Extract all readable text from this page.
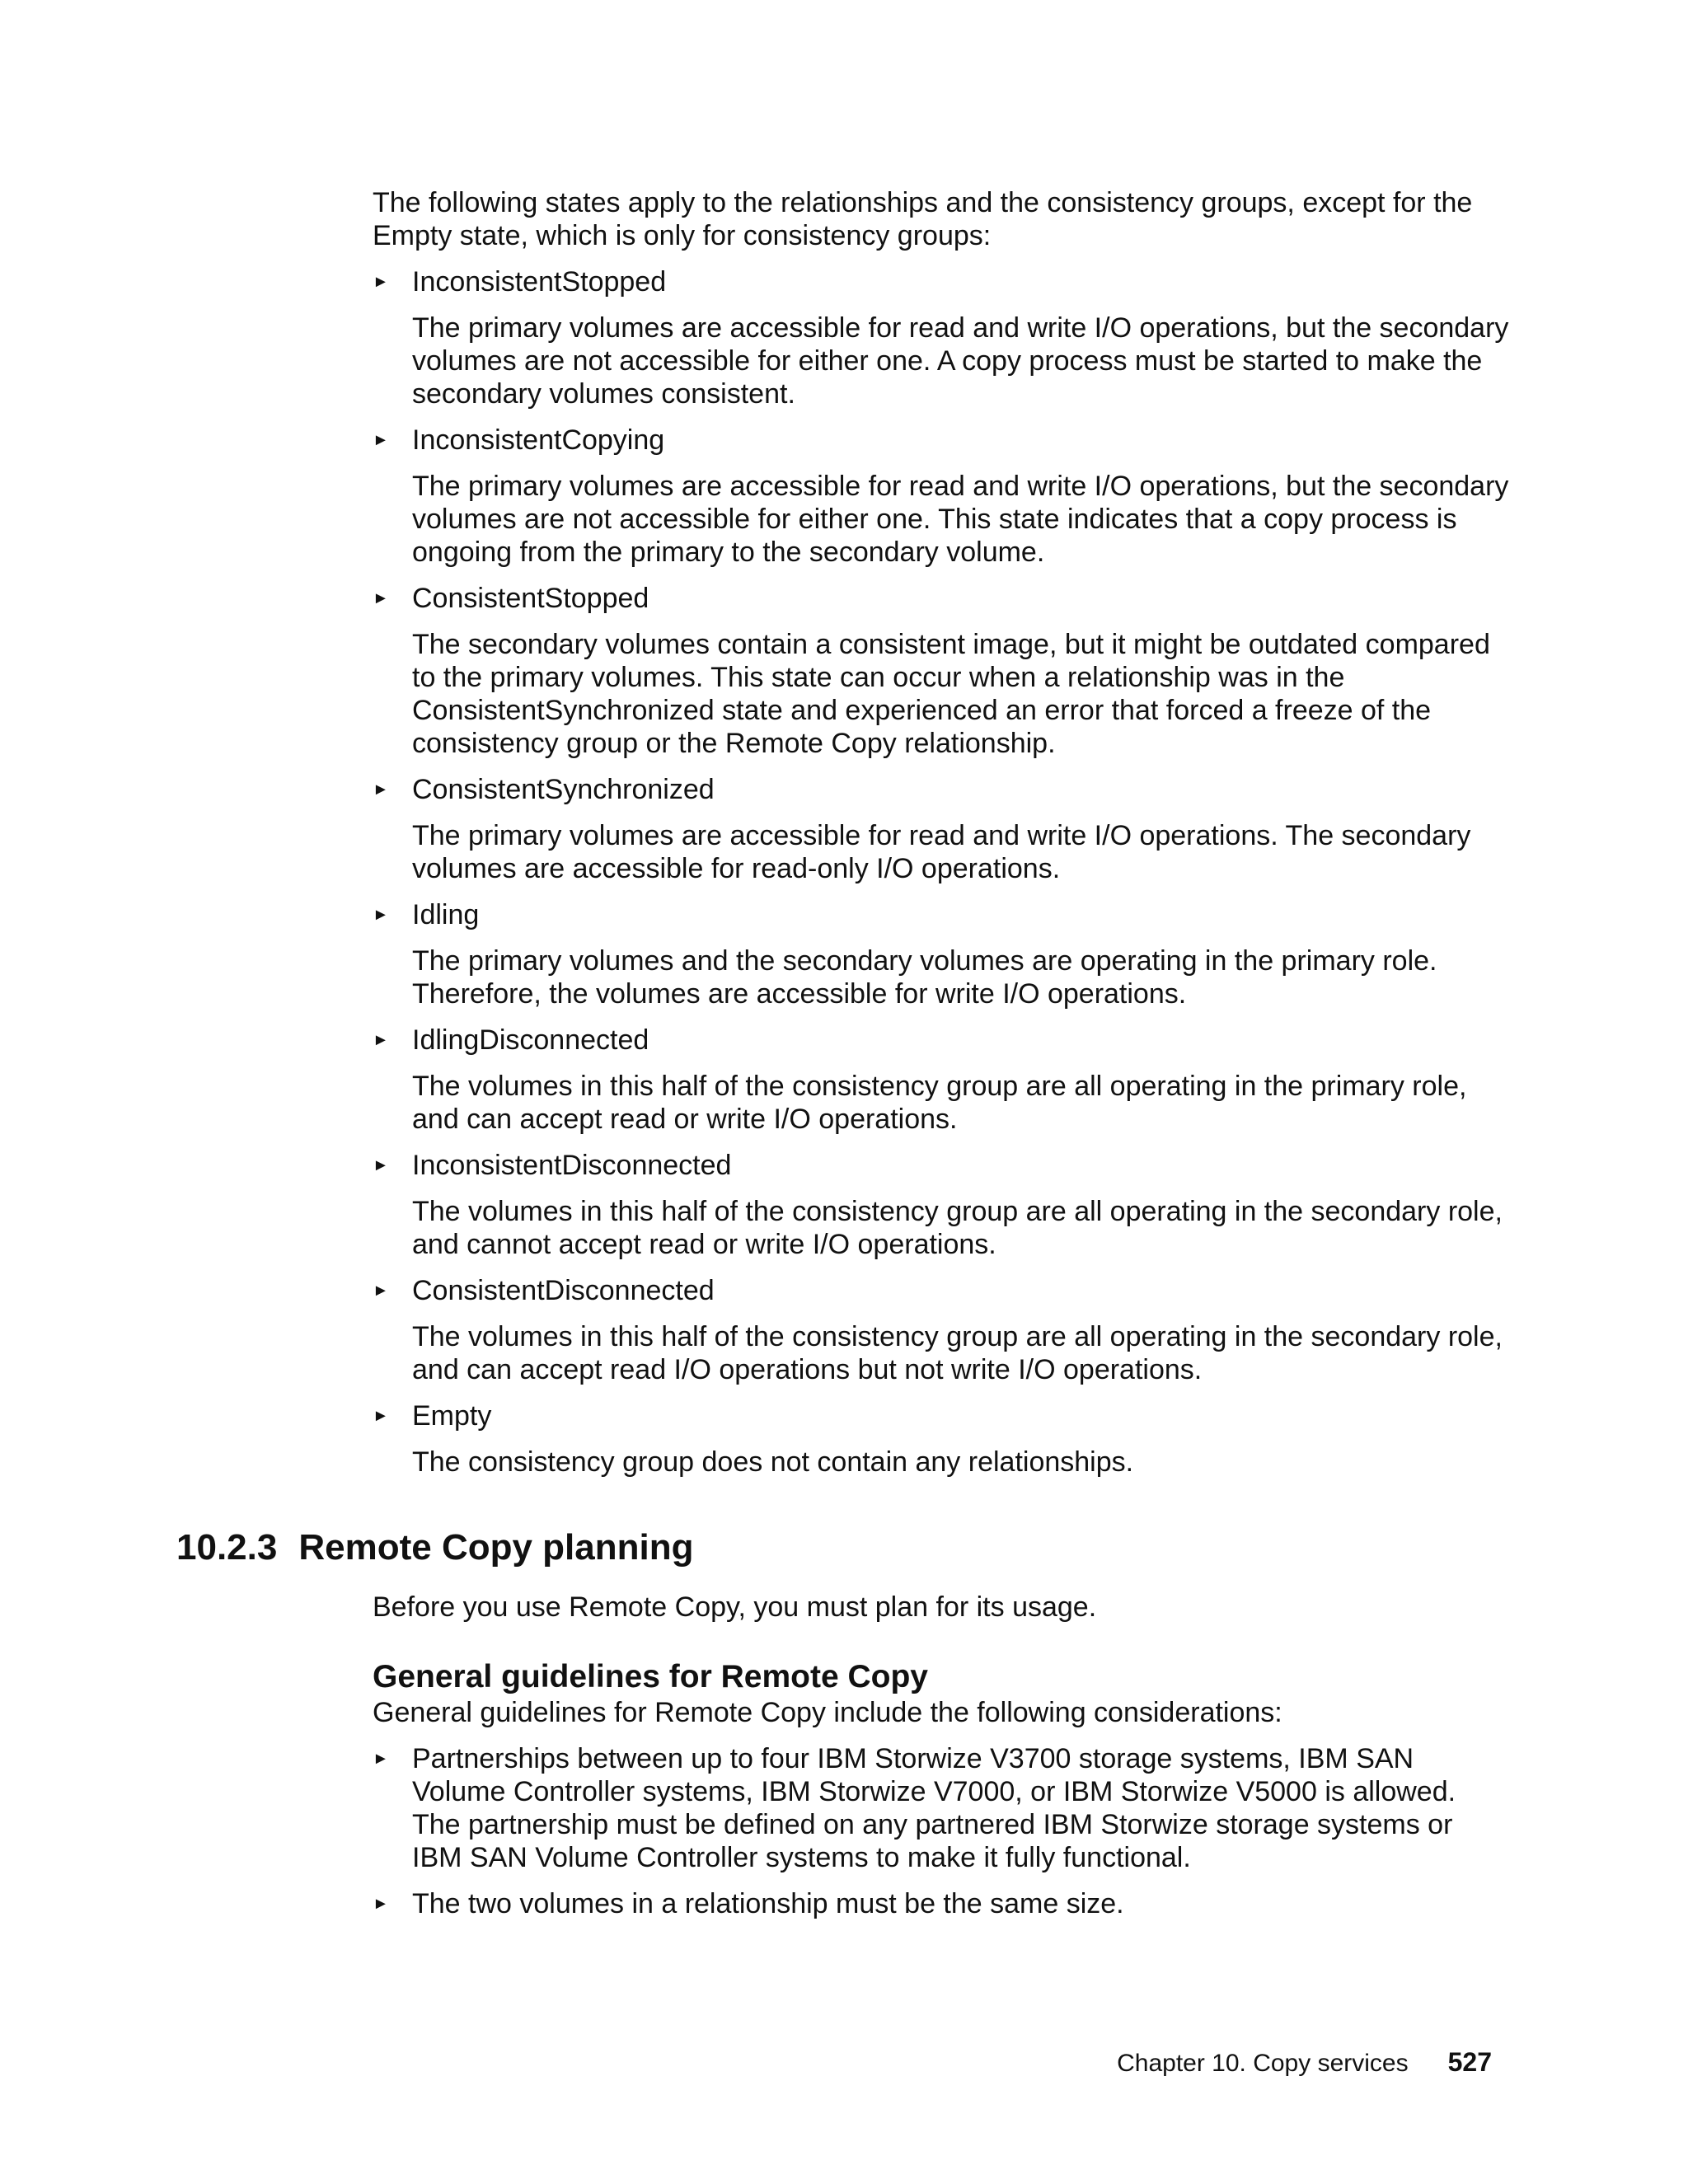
The following states apply to the relationships and the consistency groups, except for the Empty state, which is only for consistency groups:

► InconsistentStopped
The primary volumes are accessible for read and write I/O operations, but the secondary volumes are not accessible for either one. A copy process must be started to make the secondary volumes consistent.
► InconsistentCopying
The primary volumes are accessible for read and write I/O operations, but the secondary volumes are not accessible for either one. This state indicates that a copy process is ongoing from the primary to the secondary volume.
► ConsistentStopped
The secondary volumes contain a consistent image, but it might be outdated compared to the primary volumes. This state can occur when a relationship was in the ConsistentSynchronized state and experienced an error that forced a freeze of the consistency group or the Remote Copy relationship.
► ConsistentSynchronized
The primary volumes are accessible for read and write I/O operations. The secondary volumes are accessible for read-only I/O operations.
► Idling
The primary volumes and the secondary volumes are operating in the primary role. Therefore, the volumes are accessible for write I/O operations.
► IdlingDisconnected
The volumes in this half of the consistency group are all operating in the primary role, and can accept read or write I/O operations.
► InconsistentDisconnected
The volumes in this half of the consistency group are all operating in the secondary role, and cannot accept read or write I/O operations.
► ConsistentDisconnected
The volumes in this half of the consistency group are all operating in the secondary role, and can accept read I/O operations but not write I/O operations.
► Empty
The consistency group does not contain any relationships.
10.2.3 Remote Copy planning

Before you use Remote Copy, you must plan for its usage.

General guidelines for Remote Copy

General guidelines for Remote Copy include the following considerations:

► Partnerships between up to four IBM Storwize V3700 storage systems, IBM SAN Volume Controller systems, IBM Storwize V7000, or IBM Storwize V5000 is allowed. The partnership must be defined on any partnered IBM Storwize storage systems or IBM SAN Volume Controller systems to make it fully functional.
► The two volumes in a relationship must be the same size.
Chapter 10. Copy services 527
